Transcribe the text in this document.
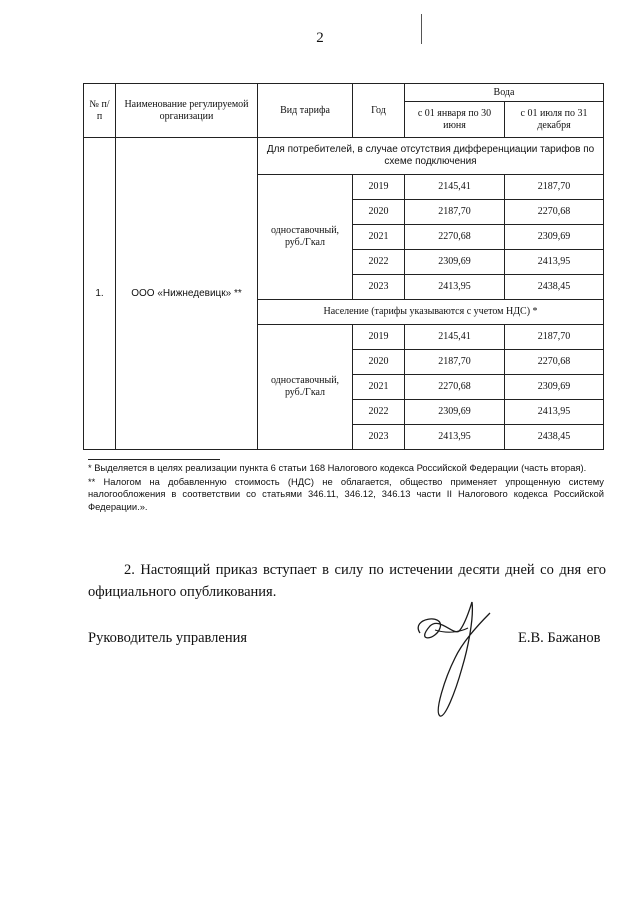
2
№ п/п	Наименование регулируемой организации	Вид тарифа	Год	Вода	
				с 01 января по 30 июня	с 01 июля по 31 декабря
1.	ООО «Нижнедевицк» **	Для потребителей, в случае отсутствия дифференциации тарифов по схеме подключения			
		одноставочный, руб./Гкал	2019	2145,41	2187,70
			2020	2187,70	2270,68
			2021	2270,68	2309,69
			2022	2309,69	2413,95
			2023	2413,95	2438,45
		Население (тарифы указываются с учетом НДС) *			
		одноставочный, руб./Гкал	2019	2145,41	2187,70
			2020	2187,70	2270,68
			2021	2270,68	2309,69
			2022	2309,69	2413,95
			2023	2413,95	2438,45

* Выделяется в целях реализации пункта 6 статьи 168 Налогового кодекса Российской Федерации (часть вторая).

** Налогом на добавленную стоимость (НДС) не облагается, общество применяет упрощенную систему налогообложения в соответствии со статьями 346.11, 346.12, 346.13 части II Налогового кодекса Российской Федерации.».

2. Настоящий приказ вступает в силу по истечении десяти дней со дня его официального опубликования.
Руководитель управления	Е.В. Бажанов
